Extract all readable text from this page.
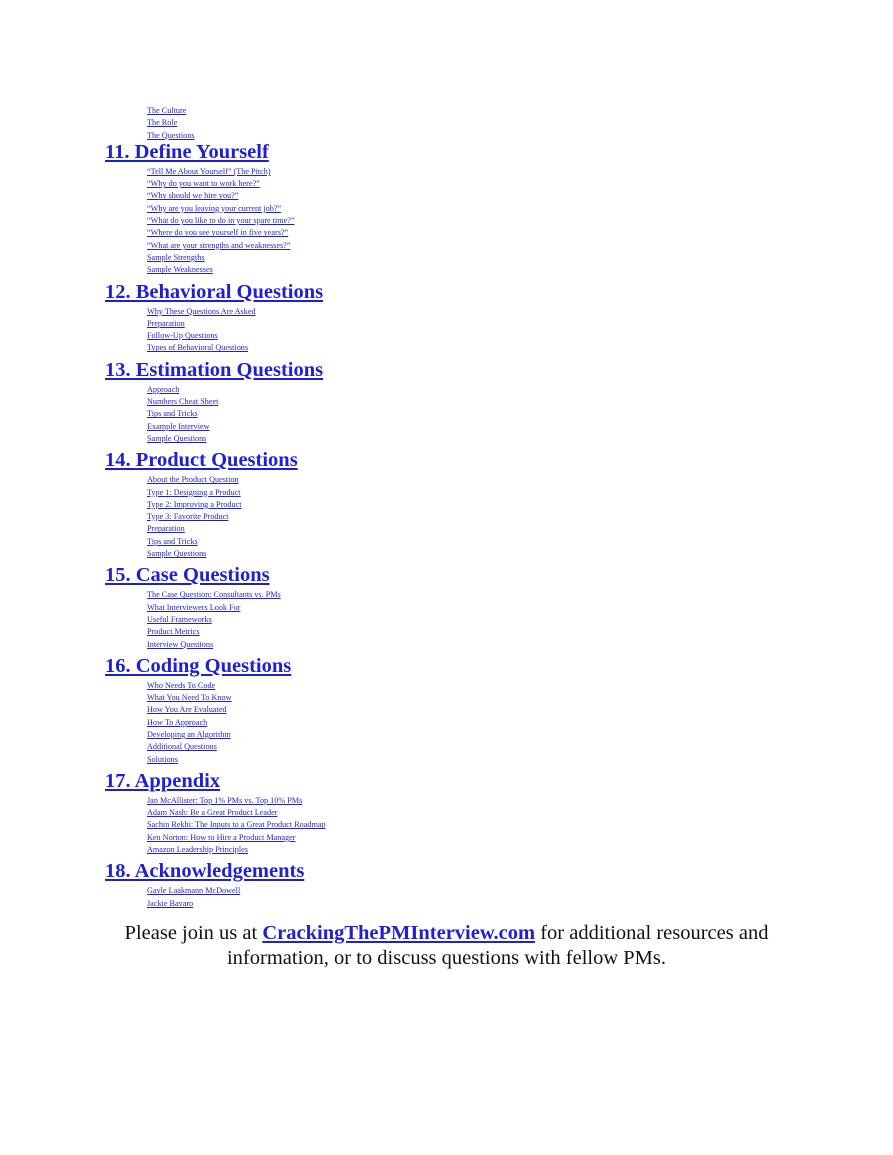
The Culture
The Role
The Questions
11. Define Yourself
“Tell Me About Yourself” (The Pitch)
“Why do you want to work here?”
“Why should we hire you?”
“Why are you leaving your current job?”
“What do you like to do in your spare time?”
“Where do you see yourself in five years?”
“What are your strengths and weaknesses?”
Sample Strengths
Sample Weaknesses
12. Behavioral Questions
Why These Questions Are Asked
Preparation
Follow-Up Questions
Types of Behavioral Questions
13. Estimation Questions
Approach
Numbers Cheat Sheet
Tips and Tricks
Example Interview
Sample Questions
14. Product Questions
About the Product Question
Type 1: Designing a Product
Type 2: Improving a Product
Type 3: Favorite Product
Preparation
Tips and Tricks
Sample Questions
15. Case Questions
The Case Question: Consultants vs. PMs
What Interviewers Look For
Useful Frameworks
Product Metrics
Interview Questions
16. Coding Questions
Who Needs To Code
What You Need To Know
How You Are Evaluated
How To Approach
Developing an Algorithm
Additional Questions
Solutions
17. Appendix
Jan McAllister: Top 1% PMs vs. Top 10% PMs
Adam Nash: Be a Great Product Leader
Sachin Rekhi: The Inputs to a Great Product Roadmap
Ken Norton: How to Hire a Product Manager
Amazon Leadership Principles
18. Acknowledgements
Gayle Laakmann McDowell
Jackie Bavaro

Please join us at CrackingThePMInterview.com for additional resources and information, or to discuss questions with fellow PMs.
